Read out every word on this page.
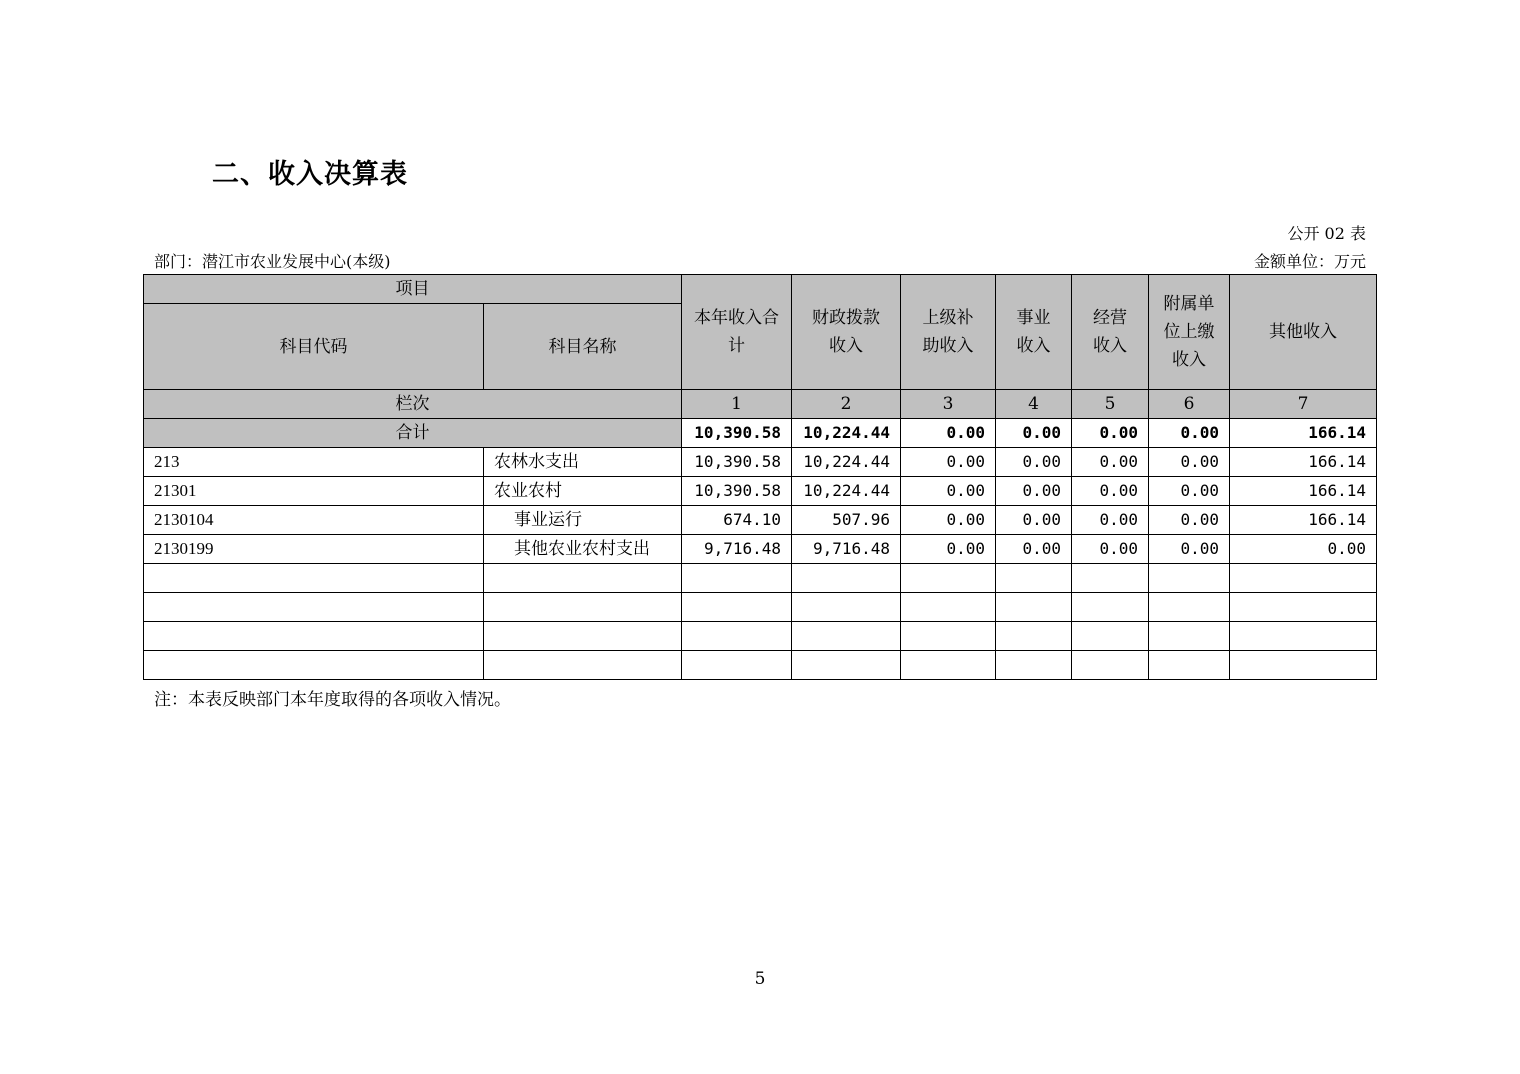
二、收入决算表
公开 02 表
部门：潜江市农业发展中心(本级)	金额单位：万元
项目		本年收入合计	财政拨款收入	上级补助收入	事业收入	经营收入	附属单位上缴收入	其他收入
科目代码	科目名称							
栏次		1	2	3	4	5	6	7
合计		10,390.58	10,224.44	0.00	0.00	0.00	0.00	166.14
213	农林水支出	10,390.58	10,224.44	0.00	0.00	0.00	0.00	166.14
21301	农业农村	10,390.58	10,224.44	0.00	0.00	0.00	0.00	166.14
2130104	事业运行	674.10	507.96	0.00	0.00	0.00	0.00	166.14
2130199	其他农业农村支出	9,716.48	9,716.48	0.00	0.00	0.00	0.00	0.00

注：本表反映部门本年度取得的各项收入情况。
5
